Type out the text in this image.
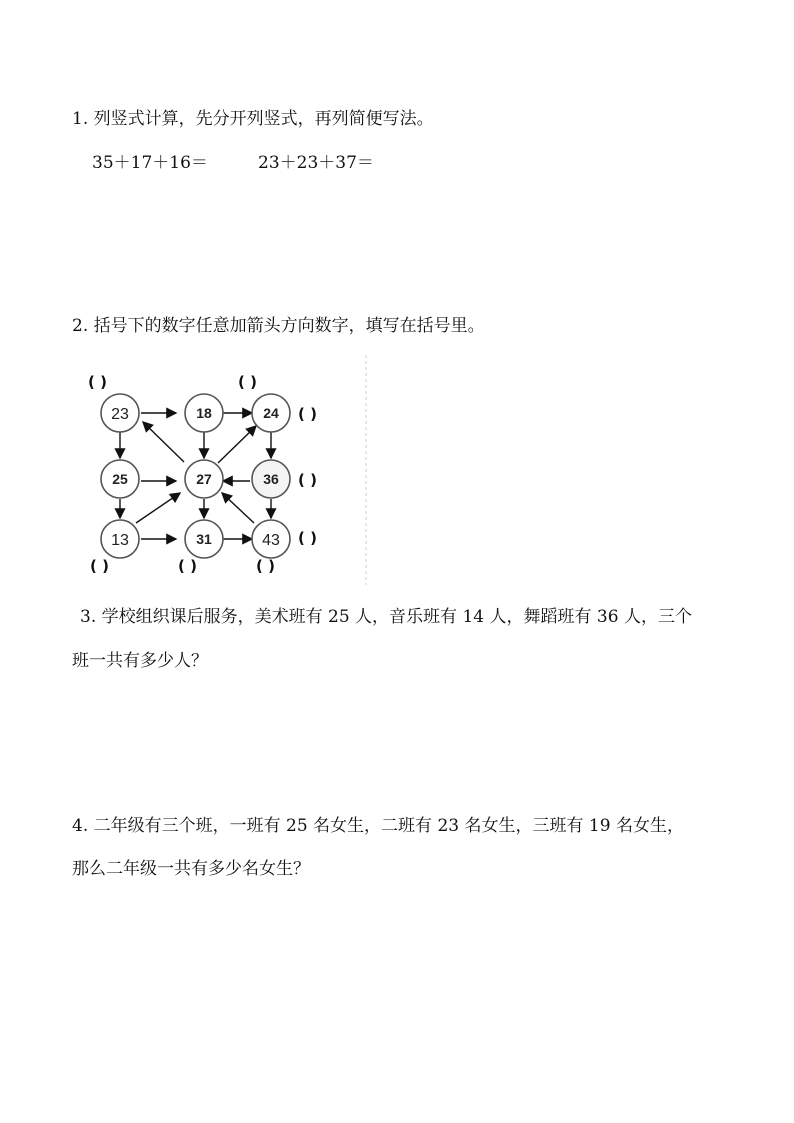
1. 列竖式计算，先分开列竖式，再列简便写法。
35＋17＋16＝	23＋23＋37＝
2. 括号下的数字任意加箭头方向数字，填写在括号里。
23	18	24
25	27	36
13	31	43
( )	( )
( )
( )
( )
( )	( )	( )
3. 学校组织课后服务，美术班有 25 人，音乐班有 14 人，舞蹈班有 36 人，三个
班一共有多少人？
4. 二年级有三个班，一班有 25 名女生，二班有 23 名女生，三班有 19 名女生，
那么二年级一共有多少名女生？
